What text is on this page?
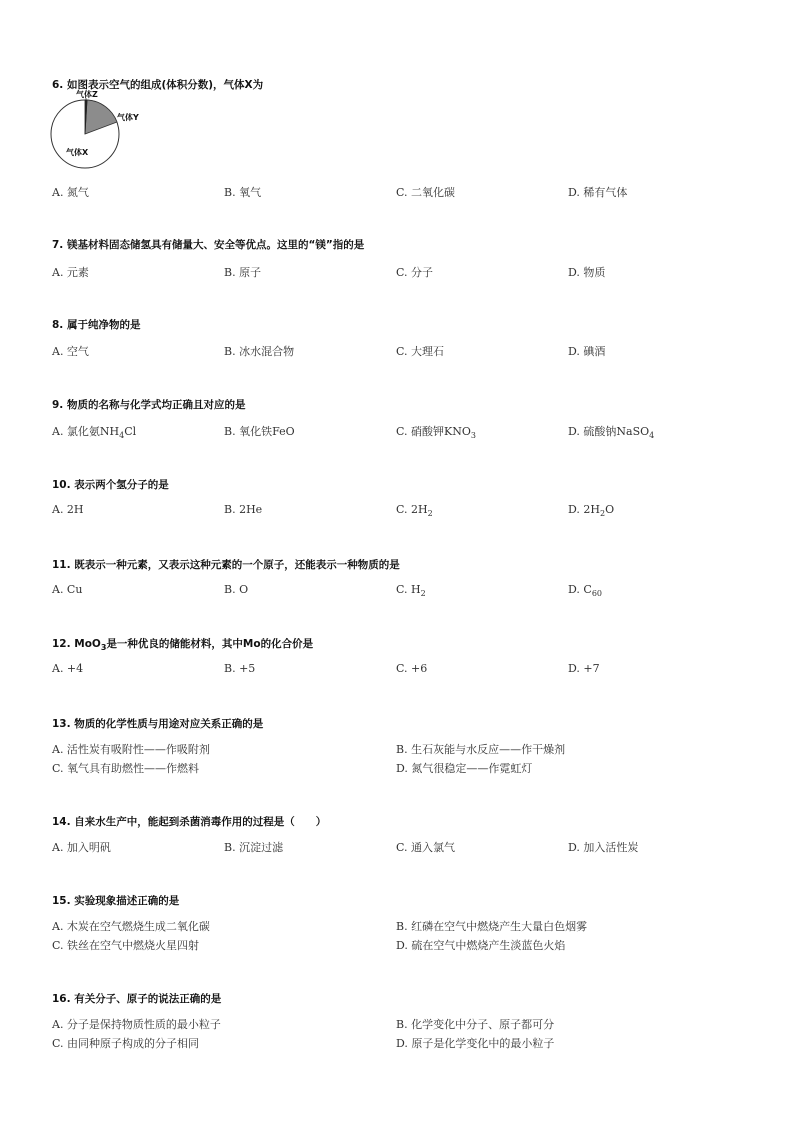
6. 如图表示空气的组成(体积分数)，气体X为
气体Z
气体Y
气体X
A. 氮气	B. 氧气	C. 二氧化碳	D. 稀有气体
7. 镁基材料固态储氢具有储量大、安全等优点。这里的“镁”指的是
A. 元素	B. 原子	C. 分子	D. 物质
8. 属于纯净物的是
A. 空气	B. 冰水混合物	C. 大理石	D. 碘酒
9. 物质的名称与化学式均正确且对应的是
A. 氯化氨$NH_4Cl$	B. 氧化铁FeO	C. 硝酸钾$KNO_3$	D. 硫酸钠NaSO$_4$
10. 表示两个氢分子的是
A. 2H	B. 2He	C. $2H_2$	D. $2H_2O$
11. 既表示一种元素，又表示这种元素的一个原子，还能表示一种物质的是
A. Cu	B. O	C. $H_2$	D. $C_{60}$
12. MoO$_3$是一种优良的储能材料，其中Mo的化合价是
A. +4	B. +5	C. +6	D. +7
13. 物质的化学性质与用途对应关系正确的是
A. 活性炭有吸附性——作吸附剂	B. 生石灰能与水反应——作干燥剂
C. 氧气具有助燃性——作燃料	D. 氮气很稳定——作霓虹灯
14. 自来水生产中，能起到杀菌消毒作用的过程是（　　）
A. 加入明矾	B. 沉淀过滤	C. 通入氯气	D. 加入活性炭
15. 实验现象描述正确的是
A. 木炭在空气燃烧生成二氧化碳	B. 红磷在空气中燃烧产生大量白色烟雾
C. 铁丝在空气中燃烧火星四射	D. 硫在空气中燃烧产生淡蓝色火焰
16. 有关分子、原子的说法正确的是
A. 分子是保持物质性质的最小粒子	B. 化学变化中分子、原子都可分
C. 由同种原子构成的分子相同	D. 原子是化学变化中的最小粒子
